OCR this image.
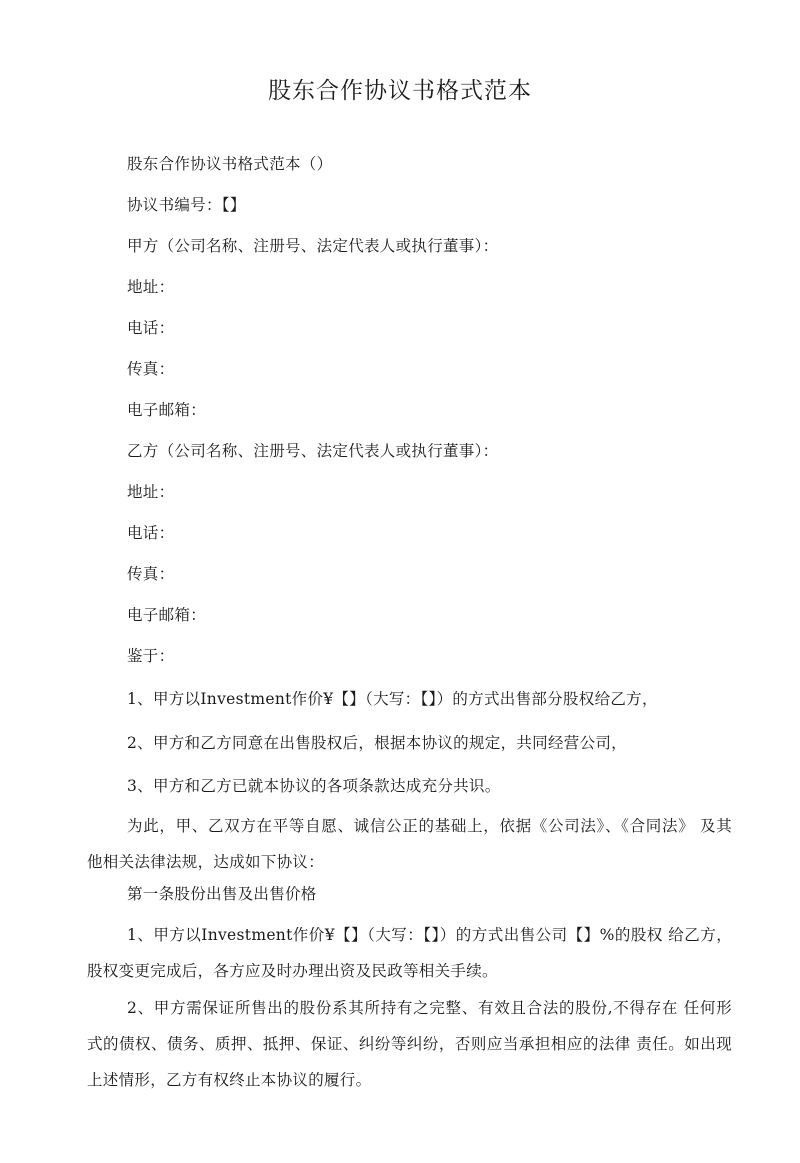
股东合作协议书格式范本
股东合作协议书格式范本（）
协议书编号：【】
甲方（公司名称、注册号、法定代表人或执行董事）：
地址：
电话：
传真：
电子邮箱：
乙方（公司名称、注册号、法定代表人或执行董事）：
地址：
电话：
传真：
电子邮箱：
鉴于：
1、甲方以Investment作价¥【】（大写：【】）的方式出售部分股权给乙方，
2、甲方和乙方同意在出售股权后，根据本协议的规定，共同经营公司，
3、甲方和乙方已就本协议的各项条款达成充分共识。
为此，甲、乙双方在平等自愿、诚信公正的基础上，依据《公司法》、《合同法》 及其他相关法律法规，达成如下协议：
第一条股份出售及出售价格
1、甲方以Investment作价¥【】（大写：【】）的方式出售公司【】%的股权 给乙方，股权变更完成后，各方应及时办理出资及民政等相关手续。
2、甲方需保证所售出的股份系其所持有之完整、有效且合法的股份,不得存在 任何形式的债权、债务、质押、抵押、保证、纠纷等纠纷，否则应当承担相应的法律 责任。如出现上述情形，乙方有权终止本协议的履行。
